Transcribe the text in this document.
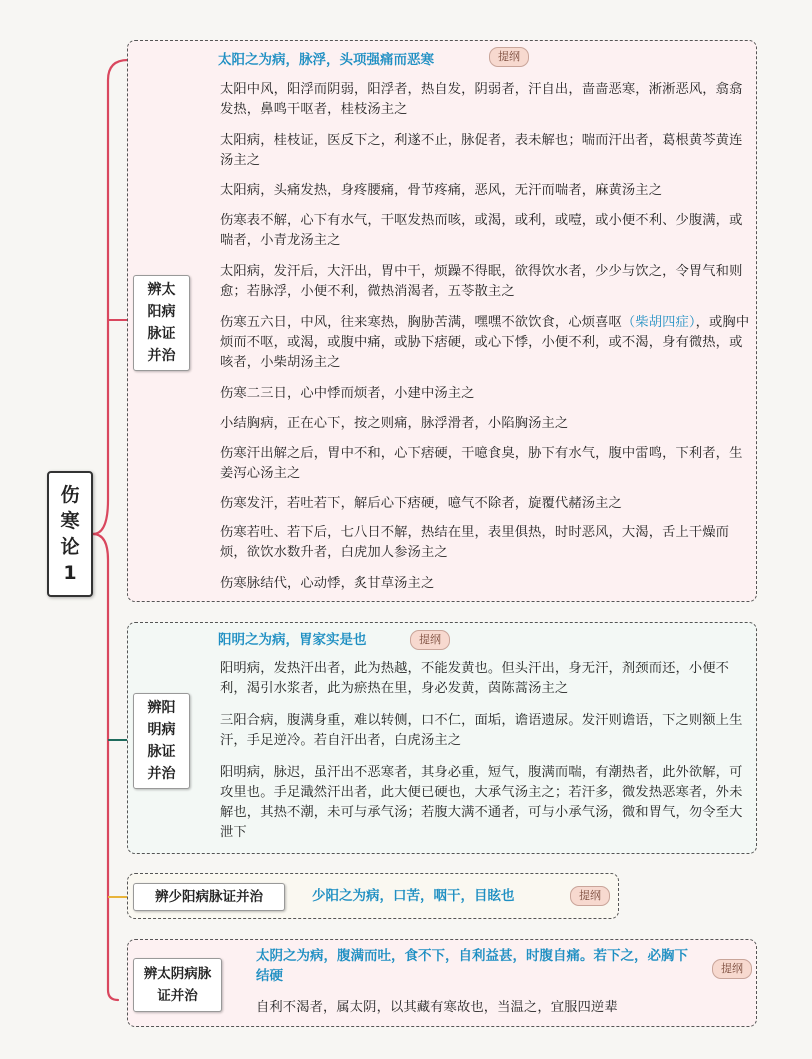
伤寒论1
辨太阳病脉证并治
太阳之为病，脉浮，头项强痛而恶寒	提纲
太阳中风，阳浮而阴弱，阳浮者，热自发，阴弱者，汗自出，啬啬恶寒，淅淅恶风，翕翕发热，鼻鸣干呕者，桂枝汤主之
太阳病，桂枝证，医反下之，利遂不止，脉促者，表未解也；喘而汗出者，葛根黄芩黄连汤主之
太阳病，头痛发热，身疼腰痛，骨节疼痛，恶风，无汗而喘者，麻黄汤主之
伤寒表不解，心下有水气，干呕发热而咳，或渴，或利，或噎，或小便不利、少腹满，或喘者，小青龙汤主之
太阳病，发汗后，大汗出，胃中干，烦躁不得眠，欲得饮水者，少少与饮之，令胃气和则愈；若脉浮，小便不利，微热消渴者，五苓散主之
伤寒五六日，中风，往来寒热，胸胁苦满，嘿嘿不欲饮食，心烦喜呕（柴胡四症），或胸中烦而不呕，或渴，或腹中痛，或胁下痞硬，或心下悸，小便不利，或不渴，身有微热，或咳者，小柴胡汤主之
伤寒二三日，心中悸而烦者，小建中汤主之
小结胸病，正在心下，按之则痛，脉浮滑者，小陷胸汤主之
伤寒汗出解之后，胃中不和，心下痞硬，干噫食臭，胁下有水气，腹中雷鸣，下利者，生姜泻心汤主之
伤寒发汗，若吐若下，解后心下痞硬，噫气不除者，旋覆代赭汤主之
伤寒若吐、若下后，七八日不解，热结在里，表里俱热，时时恶风，大渴，舌上干燥而烦，欲饮水数升者，白虎加人参汤主之
伤寒脉结代，心动悸，炙甘草汤主之
辨阳明病脉证并治
阳明之为病，胃家实是也	提纲
阳明病，发热汗出者，此为热越，不能发黄也。但头汗出，身无汗，剂颈而还，小便不利，渴引水浆者，此为瘀热在里，身必发黄，茵陈蒿汤主之
三阳合病，腹满身重，难以转侧，口不仁，面垢，谵语遗尿。发汗则谵语，下之则额上生汗，手足逆冷。若自汗出者，白虎汤主之
阳明病，脉迟，虽汗出不恶寒者，其身必重，短气，腹满而喘，有潮热者，此外欲解，可攻里也。手足濈然汗出者，此大便已硬也，大承气汤主之；若汗多，微发热恶寒者，外未解也，其热不潮，未可与承气汤；若腹大满不通者，可与小承气汤，微和胃气，勿令至大泄下
辨少阳病脉证并治	少阳之为病，口苦，咽干，目眩也	提纲
辨太阴病脉证并治
太阴之为病，腹满而吐，食不下，自利益甚，时腹自痛。若下之，必胸下结硬	提纲
自利不渴者，属太阴，以其藏有寒故也，当温之，宜服四逆辈
